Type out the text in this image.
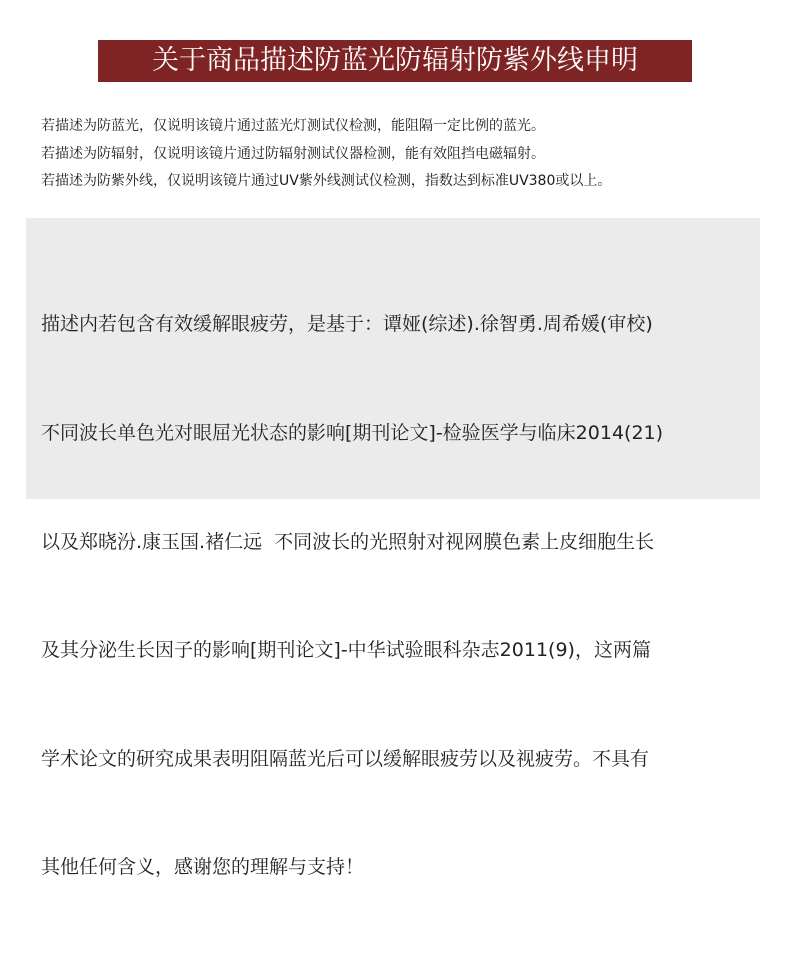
关于商品描述防蓝光防辐射防紫外线申明
若描述为防蓝光，仅说明该镜片通过蓝光灯测试仪检测，能阻隔一定比例的蓝光。
若描述为防辐射，仅说明该镜片通过防辐射测试仪器检测，能有效阻挡电磁辐射。
若描述为防紫外线，仅说明该镜片通过UV紫外线测试仪检测，指数达到标准UV380或以上。

描述内若包含有效缓解眼疲劳，是基于：谭娅(综述).徐智勇.周希媛(审校)

不同波长单色光对眼屈光状态的影响[期刊论文]-检验医学与临床2014(21)

以及郑晓汾.康玉国.褚仁远  不同波长的光照射对视网膜色素上皮细胞生长

及其分泌生长因子的影响[期刊论文]-中华试验眼科杂志2011(9)，这两篇

学术论文的研究成果表明阻隔蓝光后可以缓解眼疲劳以及视疲劳。不具有

其他任何含义，感谢您的理解与支持！
